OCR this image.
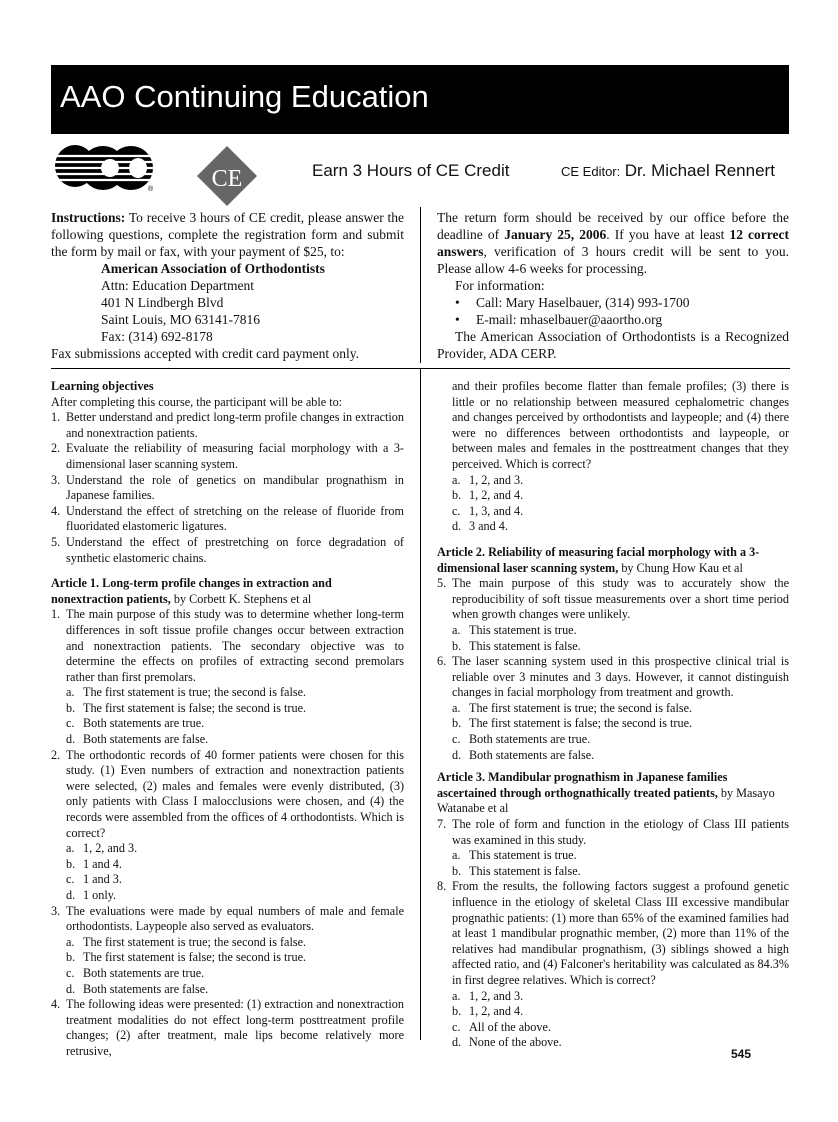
AAO Continuing Education
® CE	Earn 3 Hours of CE Credit	CE Editor: Dr. Michael Rennert

Instructions: To receive 3 hours of CE credit, please answer the following questions, complete the registration form and submit the form by mail or fax, with your payment of $25, to:

American Association of Orthodontists

Attn: Education Department

401 N Lindbergh Blvd

Saint Louis, MO 63141-7816

Fax: (314) 692-8178

Fax submissions accepted with credit card payment only.

The return form should be received by our office before the deadline of January 25, 2006. If you have at least 12 correct answers, verification of 3 hours credit will be sent to you. Please allow 4-6 weeks for processing.

For information:

•	Call: Mary Haselbauer, (314) 993-1700

•	E-mail: mhaselbauer@aaortho.org

The American Association of Orthodontists is a Recognized Provider, ADA CERP.

Learning objectives

After completing this course, the participant will be able to:

1. Better understand and predict long-term profile changes in extraction and nonextraction patients.
2. Evaluate the reliability of measuring facial morphology with a 3-dimensional laser scanning system.
3. Understand the role of genetics on mandibular prognathism in Japanese families.
4. Understand the effect of stretching on the release of fluoride from fluoridated elastomeric ligatures.
5. Understand the effect of prestretching on force degradation of synthetic elastomeric chains.

Article 1. Long-term profile changes in extraction and nonextraction patients, by Corbett K. Stephens et al

1. The main purpose of this study was to determine whether long-term differences in soft tissue profile changes occur between extraction and nonextraction patients. The secondary objective was to determine the effects on profiles of extracting second premolars rather than first premolars.
a. The first statement is true; the second is false.
b. The first statement is false; the second is true.
c. Both statements are true.
d. Both statements are false.
2. The orthodontic records of 40 former patients were chosen for this study. (1) Even numbers of extraction and nonextraction patients were selected, (2) males and females were evenly distributed, (3) only patients with Class I malocclusions were chosen, and (4) the records were assembled from the offices of 4 orthodontists. Which is correct?
a. 1, 2, and 3.
b. 1 and 4.
c. 1 and 3.
d. 1 only.
3. The evaluations were made by equal numbers of male and female orthodontists. Laypeople also served as evaluators.
a. The first statement is true; the second is false.
b. The first statement is false; the second is true.
c. Both statements are true.
d. Both statements are false.
4. The following ideas were presented: (1) extraction and nonextraction treatment modalities do not effect long-term posttreatment profile changes; (2) after treatment, male lips become relatively more retrusive,
and their profiles become flatter than female profiles; (3) there is little or no relationship between measured cephalometric changes and changes perceived by orthodontists and laypeople; and (4) there were no differences between orthodontists and laypeople, or between males and females in the posttreatment changes that they perceived. Which is correct?
a. 1, 2, and 3.
b. 1, 2, and 4.
c. 1, 3, and 4.
d. 3 and 4.

Article 2. Reliability of measuring facial morphology with a 3-dimensional laser scanning system, by Chung How Kau et al

5. The main purpose of this study was to accurately show the reproducibility of soft tissue measurements over a short time period when growth changes were unlikely.
a. This statement is true.
b. This statement is false.
6. The laser scanning system used in this prospective clinical trial is reliable over 3 minutes and 3 days. However, it cannot distinguish changes in facial morphology from treatment and growth.
a. The first statement is true; the second is false.
b. The first statement is false; the second is true.
c. Both statements are true.
d. Both statements are false.

Article 3. Mandibular prognathism in Japanese families ascertained through orthognathically treated patients, by Masayo Watanabe et al

7. The role of form and function in the etiology of Class III patients was examined in this study.
a. This statement is true.
b. This statement is false.
8. From the results, the following factors suggest a profound genetic influence in the etiology of skeletal Class III excessive mandibular prognathic patients: (1) more than 65% of the examined families had at least 1 mandibular prognathic member, (2) more than 11% of the relatives had mandibular prognathism, (3) siblings showed a high affected ratio, and (4) Falconer's heritability was calculated as 84.3% in first degree relatives. Which is correct?
a. 1, 2, and 3.
b. 1, 2, and 4.
c. All of the above.
d. None of the above.
545
